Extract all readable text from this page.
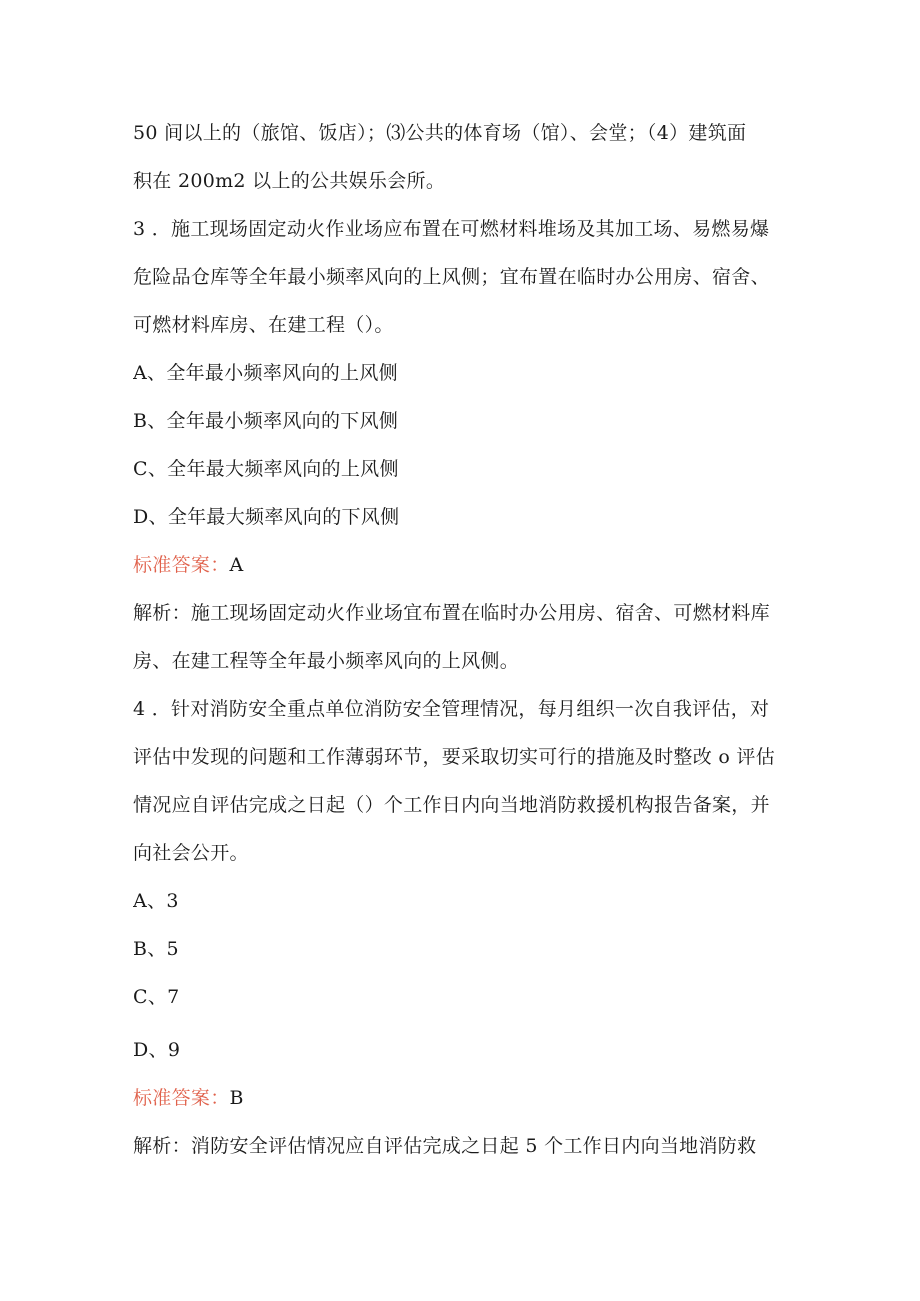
50 间以上的（旅馆、饭店）；⑶公共的体育场（馆）、会堂；（4）建筑面
积在 200m2 以上的公共娱乐会所。
3 ．施工现场固定动火作业场应布置在可燃材料堆场及其加工场、易燃易爆
危险品仓库等全年最小频率风向的上风侧；宜布置在临时办公用房、宿舍、
可燃材料库房、在建工程（）。
A、全年最小频率风向的上风侧
B、全年最小频率风向的下风侧
C、全年最大频率风向的上风侧
D、全年最大频率风向的下风侧
标准答案：A
解析：施工现场固定动火作业场宜布置在临时办公用房、宿舍、可燃材料库
房、在建工程等全年最小频率风向的上风侧。
4 ．针对消防安全重点单位消防安全管理情况，每月组织一次自我评估，对
评估中发现的问题和工作薄弱环节，要采取切实可行的措施及时整改 o 评估
情况应自评估完成之日起（）个工作日内向当地消防救援机构报告备案，并
向社会公开。
A、3
B、5
C、7
D、9
标准答案：B
解析：消防安全评估情况应自评估完成之日起 5 个工作日内向当地消防救
